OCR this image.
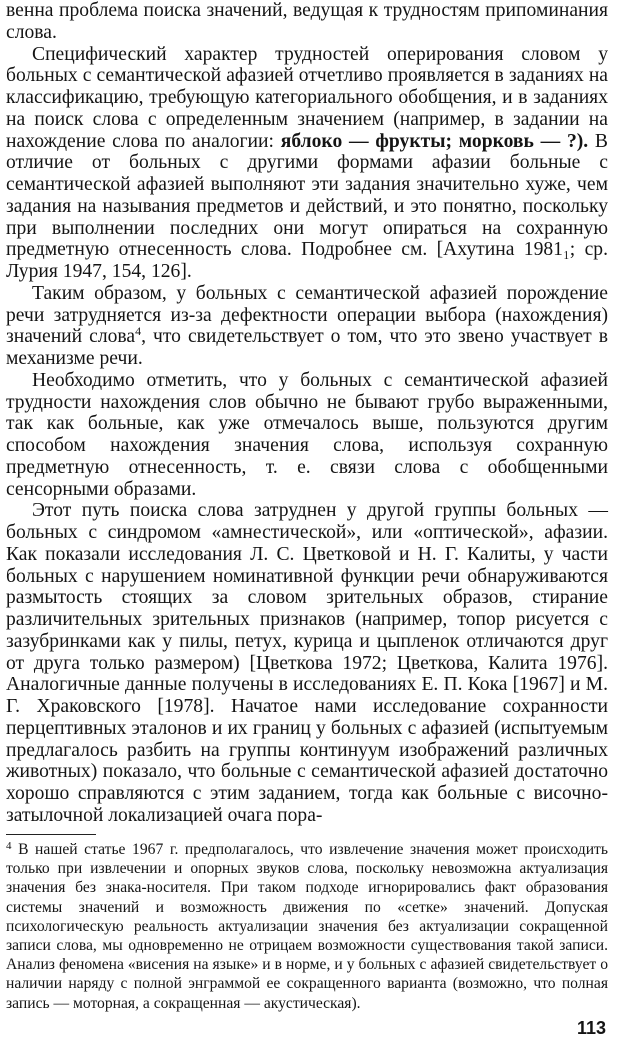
венна проблема поиска значений, ведущая к трудностям припоминания слова.

Специфический характер трудностей оперирования словом у больных с семантической афазией отчетливо проявляется в заданиях на классификацию, требующую категориального обобщения, и в заданиях на поиск слова с определенным значением (например, в задании на нахождение слова по аналогии: яблоко — фрукты; морковь — ?). В отличие от больных с другими формами афазии больные с семантической афазией выполняют эти задания значительно хуже, чем задания на называния предметов и действий, и это понятно, поскольку при выполнении последних они могут опираться на сохранную предметную отнесенность слова. Подробнее см. [Ахутина 1981₁; ср. Лурия 1947, 154, 126].

Таким образом, у больных с семантической афазией порождение речи затрудняется из-за дефектности операции выбора (нахождения) значений слова$^4$, что свидетельствует о том, что это звено участвует в механизме речи.

Необходимо отметить, что у больных с семантической афазией трудности нахождения слов обычно не бывают грубо выраженными, так как больные, как уже отмечалось выше, пользуются другим способом нахождения значения слова, используя сохранную предметную отнесенность, т. е. связи слова с обобщенными сенсорными образами.

Этот путь поиска слова затруднен у другой группы больных — больных с синдромом «амнестической», или «оптической», афазии. Как показали исследования Л. С. Цветковой и Н. Г. Калиты, у части больных с нарушением номинативной функции речи обнаруживаются размытость стоящих за словом зрительных образов, стирание различительных зрительных признаков (например, топор рисуется с зазубринками как у пилы, петух, курица и цыпленок отличаются друг от друга только размером) [Цветкова 1972; Цветкова, Калита 1976]. Аналогичные данные получены в исследованиях Е. П. Кока [1967] и М. Г. Храковского [1978]. Начатое нами исследование сохранности перцептивных эталонов и их границ у больных с афазией (испытуемым предлагалось разбить на группы континуум изображений различных животных) показало, что больные с семантической афазией достаточно хорошо справляются с этим заданием, тогда как больные с височно-затылочной локализацией очага пора-

$^4$ В нашей статье 1967 г. предполагалось, что извлечение значения может происходить только при извлечении и опорных звуков слова, поскольку невозможна актуализация значения без знака-носителя. При таком подходе игнорировались факт образования системы значений и возможность движения по «сетке» значений. Допуская психологическую реальность актуализации значения без актуализации сокращенной записи слова, мы одновременно не отрицаем возможности существования такой записи. Анализ феномена «висения на языке» и в норме, и у больных с афазией свидетельствует о наличии наряду с полной энграммой ее сокращенного варианта (возможно, что полная запись — моторная, а сокращенная — акустическая).
113
